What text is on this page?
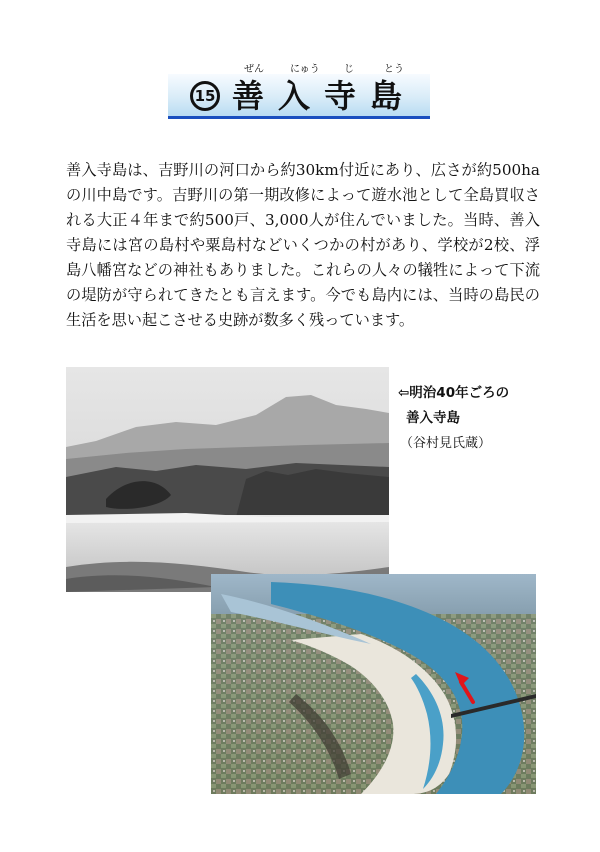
ぜん	にゅう じ	とう
15 善入寺島

善入寺島は、吉野川の河口から約30km付近にあり、広さが約500haの川中島です。吉野川の第一期改修によって遊水池として全島買収される大正４年まで約500戸、3,000人が住んでいました。当時、善入寺島には宮の島村や粟島村などいくつかの村があり、学校が2校、浮島八幡宮などの神社もありました。これらの人々の犠牲によって下流の堤防が守られてきたとも言えます。今でも島内には、当時の島民の生活を思い起こさせる史跡が数多く残っています。

⇦明治40年ごろの
善入寺島
（谷村見氏蔵）
